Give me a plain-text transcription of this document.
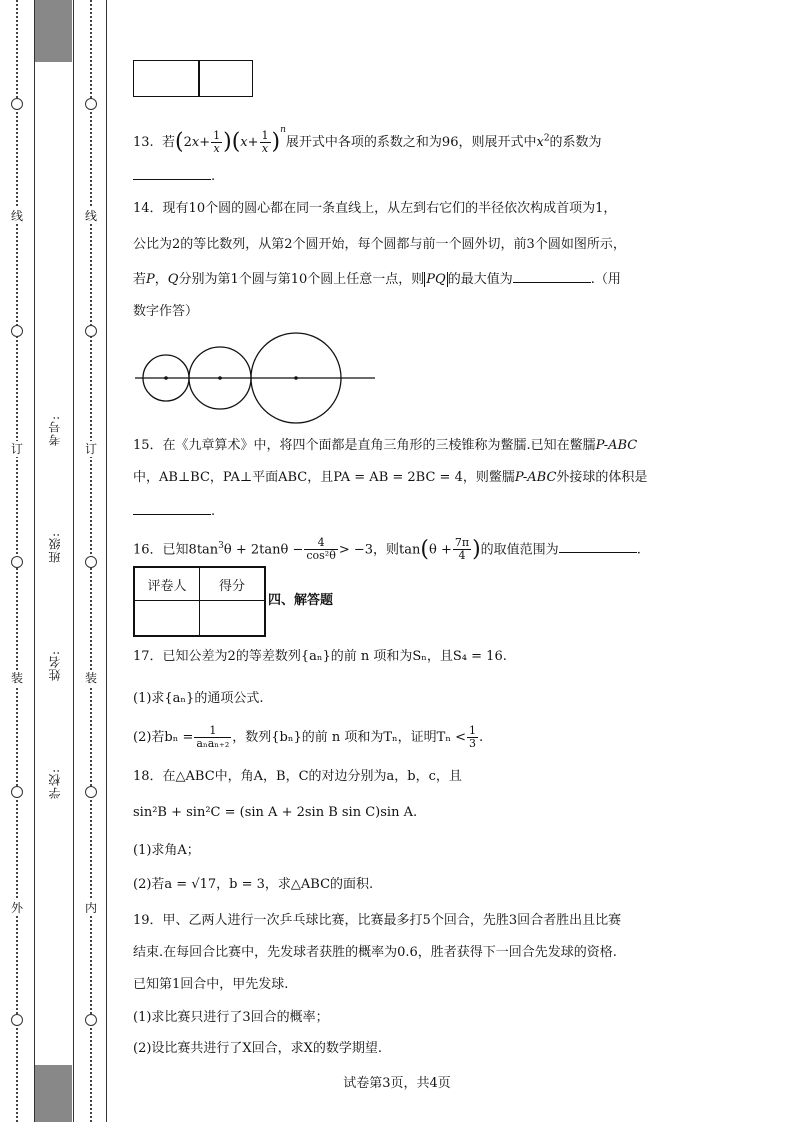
线
订
装
外
线
订
装
内
学校:
姓名:
班级:
考号:
13. 若$(2x+ \frac{1}{x} )(x+ \frac{1}{x} )^n$展开式中各项的系数之和为96，则展开式中$x^2$的系数为
.
14．现有10个圆的圆心都在同一条直线上，从左到右它们的半径依次构成首项为1，
公比为2的等比数列，从第2个圆开始，每个圆都与前一个圆外切，前3个圆如图所示，
若P，Q分别为第1个圆与第10个圆上任意一点，则 PQ 的最大值为	.（用
数字作答）
15．在《九章算术》中，将四个面都是直角三角形的三棱锥称为鳖臑.已知在鳖臑P-ABC
中，AB⊥BC，PA⊥平面ABC，且PA = AB = 2BC = 4，则鳖臑P-ABC外接球的体积是
.
16．已知$8\tan^3\theta + 2\tan\theta - \frac{4}{\text{cos²θ}} > -3$，则$\tan(\theta + \frac{7\pi}{4}$ )的取值范围为	.
评卷人	得分

四、解答题
17．已知公差为2的等差数列{aₙ}的前 n 项和为Sₙ，且S₄ = 16.
(1)求{aₙ}的通项公式.
(2)若$b_n = \frac{1}{\text{aₙaₙ₊₂}}$ ，数列{bₙ}的前 n 项和为Tₙ，证明$T_n < \frac{1}{3}$ .
18．在△ABC中，角A，B，C的对边分别为a，b，c，且
sin²B + sin²C = (sin A + 2sin B sin C)sin A.
(1)求角A；
(2)若a = √17，b = 3，求△ABC的面积.
19．甲、乙两人进行一次乒乓球比赛，比赛最多打5个回合，先胜3回合者胜出且比赛
结束.在每回合比赛中，先发球者获胜的概率为0.6，胜者获得下一回合先发球的资格.
已知第1回合中，甲先发球.
(1)求比赛只进行了3回合的概率；
(2)设比赛共进行了X回合，求X的数学期望.
试卷第3页，共4页
